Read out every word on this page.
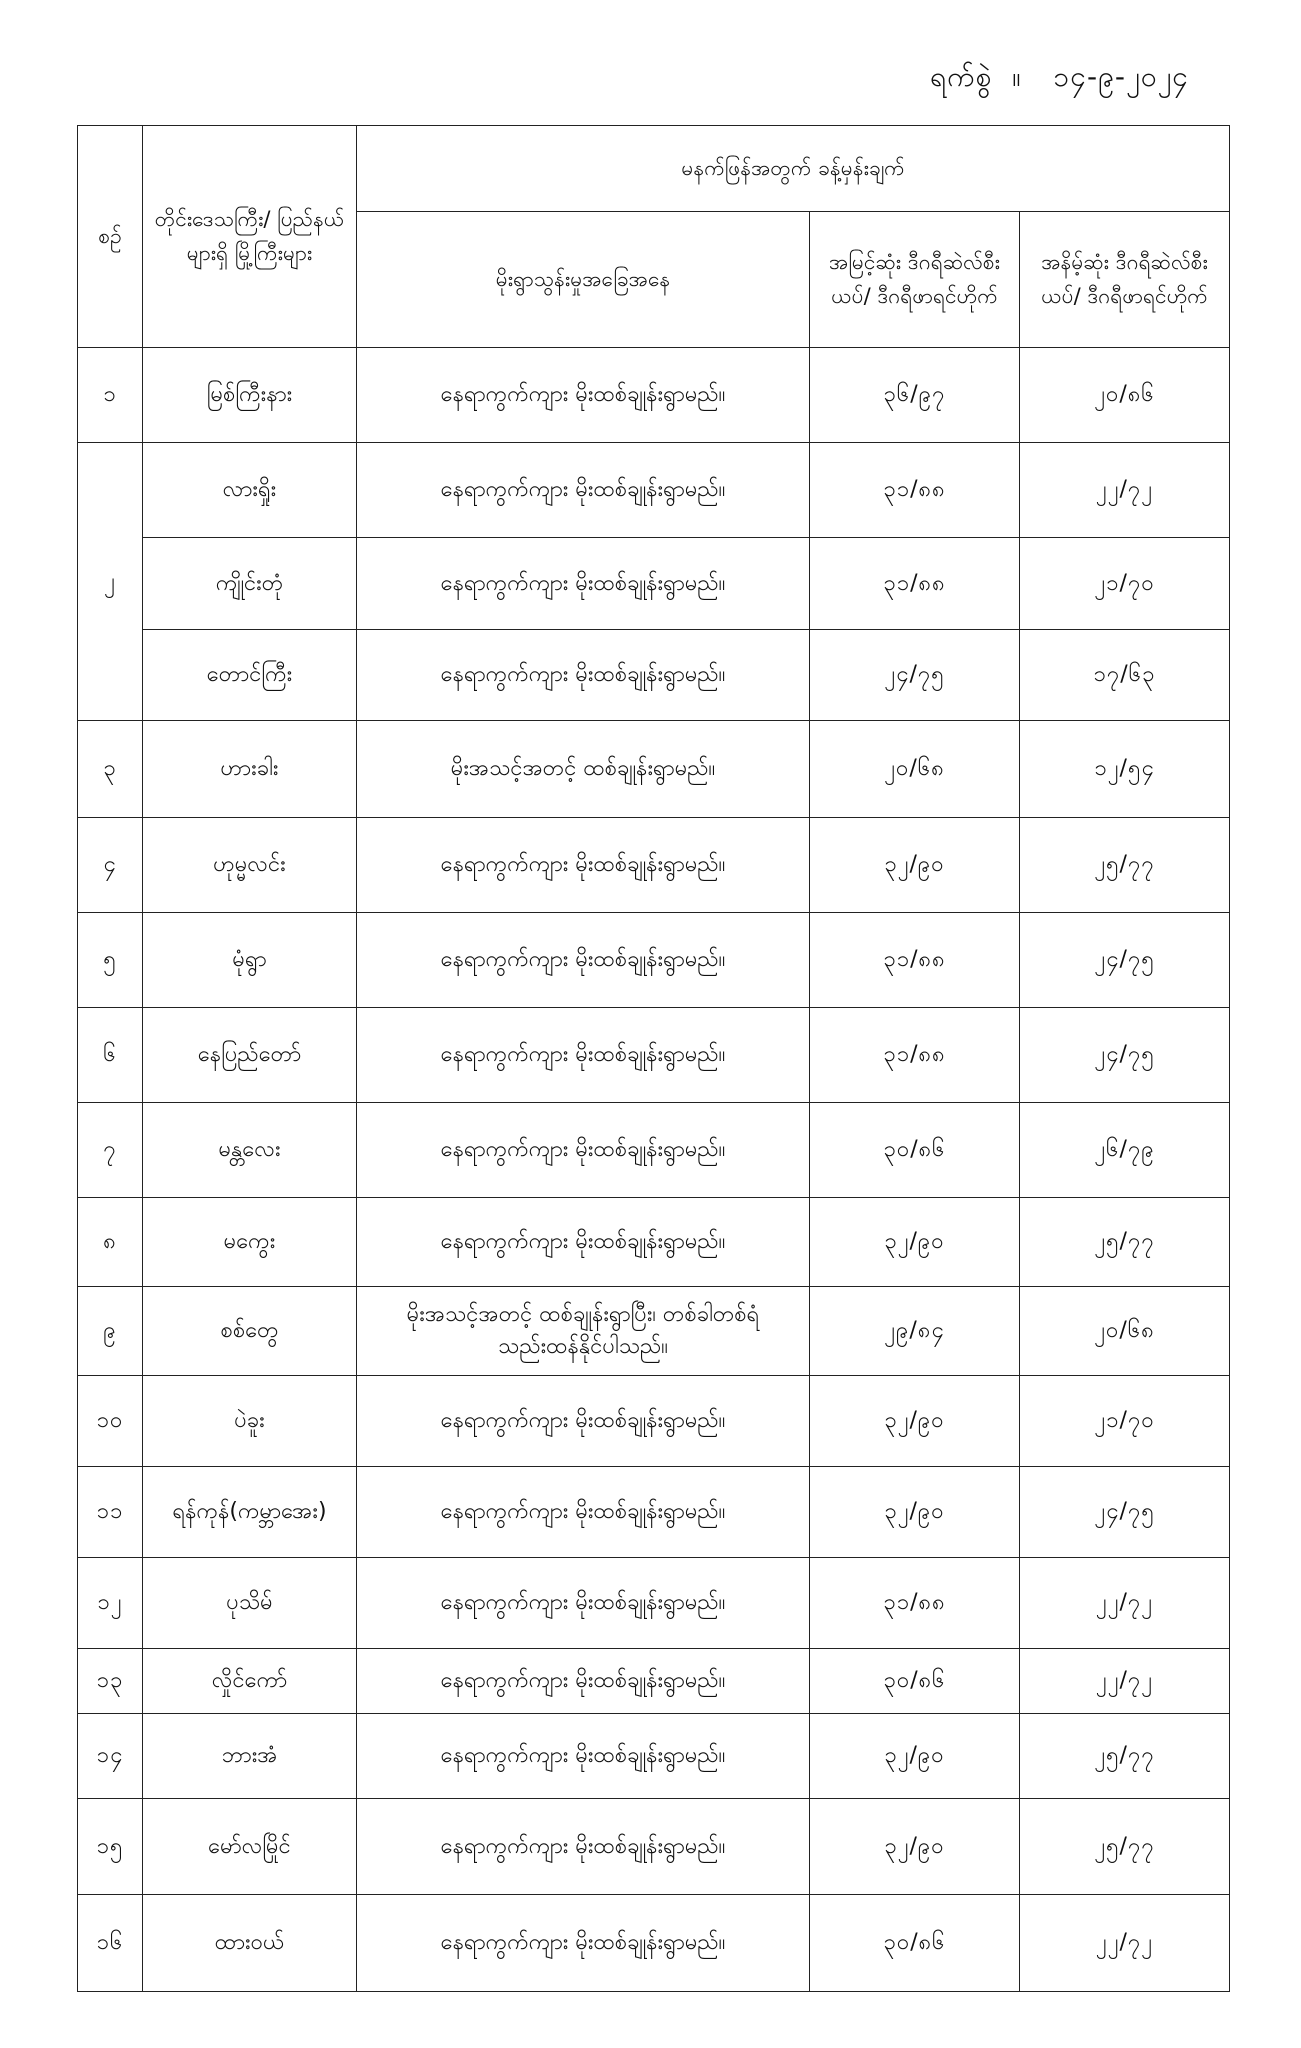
ရက်စွဲ ။ ၁၄-၉-၂၀၂၄
စဉ်	တိုင်းဒေသကြီး/ ပြည်နယ်များရှိ မြို့ကြီးများ	မနက်ဖြန်အတွက် ခန့်မှန်းချက်		
		မိုးရွာသွန်းမှုအခြေအနေ	အမြင့်ဆုံး ဒီဂရီဆဲလ်စီးယပ်/ ဒီဂရီဖာရင်ဟိုက်	အနိမ့်ဆုံး ဒီဂရီဆဲလ်စီးယပ်/ ဒီဂရီဖာရင်ဟိုက်
၁	မြစ်ကြီးနား	နေရာကွက်ကျား မိုးထစ်ချုန်းရွာမည်။	၃၆/၉၇	၂၀/၈၆
၂	လားရှိုး	နေရာကွက်ကျား မိုးထစ်ချုန်းရွာမည်။	၃၁/၈၈	၂၂/၇၂
	ကျိုင်းတုံ	နေရာကွက်ကျား မိုးထစ်ချုန်းရွာမည်။	၃၁/၈၈	၂၁/၇၀
	တောင်ကြီး	နေရာကွက်ကျား မိုးထစ်ချုန်းရွာမည်။	၂၄/၇၅	၁၇/၆၃
၃	ဟားခါး	မိုးအသင့်အတင့် ထစ်ချုန်းရွာမည်။	၂၀/၆၈	၁၂/၅၄
၄	ဟုမ္မလင်း	နေရာကွက်ကျား မိုးထစ်ချုန်းရွာမည်။	၃၂/၉၀	၂၅/၇၇
၅	မုံရွာ	နေရာကွက်ကျား မိုးထစ်ချုန်းရွာမည်။	၃၁/၈၈	၂၄/၇၅
၆	နေပြည်တော်	နေရာကွက်ကျား မိုးထစ်ချုန်းရွာမည်။	၃၁/၈၈	၂၄/၇၅
၇	မန္တလေး	နေရာကွက်ကျား မိုးထစ်ချုန်းရွာမည်။	၃၀/၈၆	၂၆/၇၉
၈	မကွေး	နေရာကွက်ကျား မိုးထစ်ချုန်းရွာမည်။	၃၂/၉၀	၂၅/၇၇
၉	စစ်တွေ	မိုးအသင့်အတင့် ထစ်ချုန်းရွာပြီး၊ တစ်ခါတစ်ရံ သည်းထန်နိုင်ပါသည်။	၂၉/၈၄	၂၀/၆၈
၁၀	ပဲခူး	နေရာကွက်ကျား မိုးထစ်ချုန်းရွာမည်။	၃၂/၉၀	၂၁/၇၀
၁၁	ရန်ကုန်(ကမ္ဘာအေး)	နေရာကွက်ကျား မိုးထစ်ချုန်းရွာမည်။	၃၂/၉၀	၂၄/၇၅
၁၂	ပုသိမ်	နေရာကွက်ကျား မိုးထစ်ချုန်းရွာမည်။	၃၁/၈၈	၂၂/၇၂
၁၃	လှိုင်ကော်	နေရာကွက်ကျား မိုးထစ်ချုန်းရွာမည်။	၃၀/၈၆	၂၂/၇၂
၁၄	ဘားအံ	နေရာကွက်ကျား မိုးထစ်ချုန်းရွာမည်။	၃၂/၉၀	၂၅/၇၇
၁၅	မော်လမြိုင်	နေရာကွက်ကျား မိုးထစ်ချုန်းရွာမည်။	၃၂/၉၀	၂၅/၇၇
၁၆	ထားဝယ်	နေရာကွက်ကျား မိုးထစ်ချုန်းရွာမည်။	၃၀/၈၆	၂၂/၇၂
